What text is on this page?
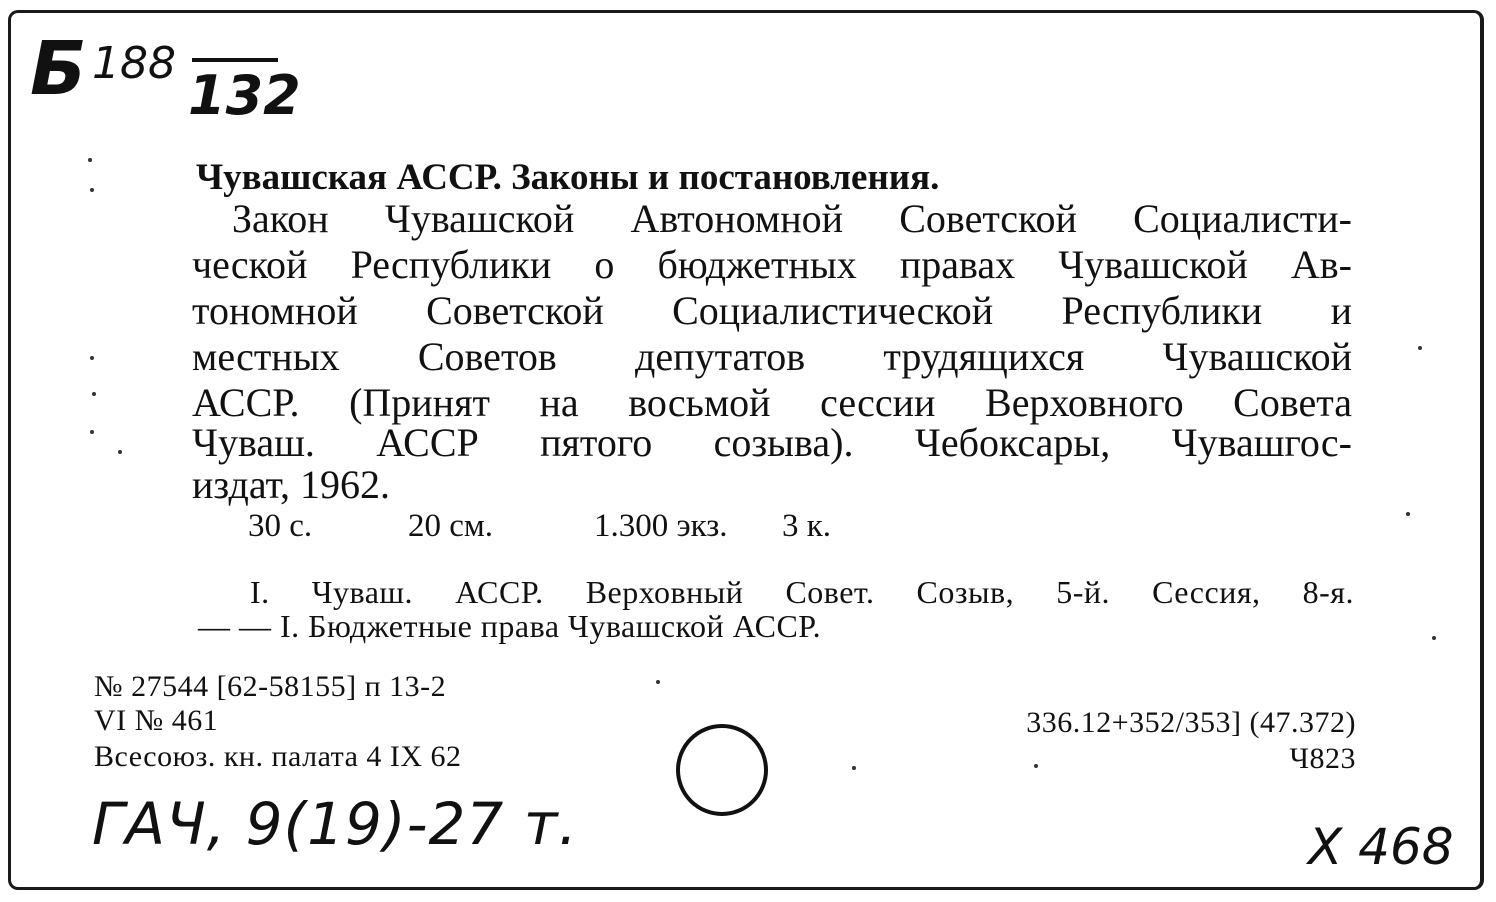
Б 188
132
Чувашская АССР. Законы и постановления.
Закон Чувашской Автономной Советской Социалисти-
ческой Республики о бюджетных правах Чувашской Ав-
тономной Советской Социалистической Республики и
местных Советов депутатов трудящихся Чувашской
АССР. (Принят на восьмой сессии Верховного Совета
Чуваш. АССР пятого созыва). Чебоксары, Чувашгос-
издат, 1962.
30 с.	20 см.	1.300 экз. 3 к.
I. Чуваш. АССР. Верховный Совет. Созыв, 5-й. Сессия, 8-я.
— — I. Бюджетные права Чувашской АССР.
№ 27544 [62-58155] п 13-2
VI № 461
Всесоюз. кн. палата 4 IX 62
336.12+352/353] (47.372)
Ч823
ГАЧ, 9(19)-27 т.	Х 468
